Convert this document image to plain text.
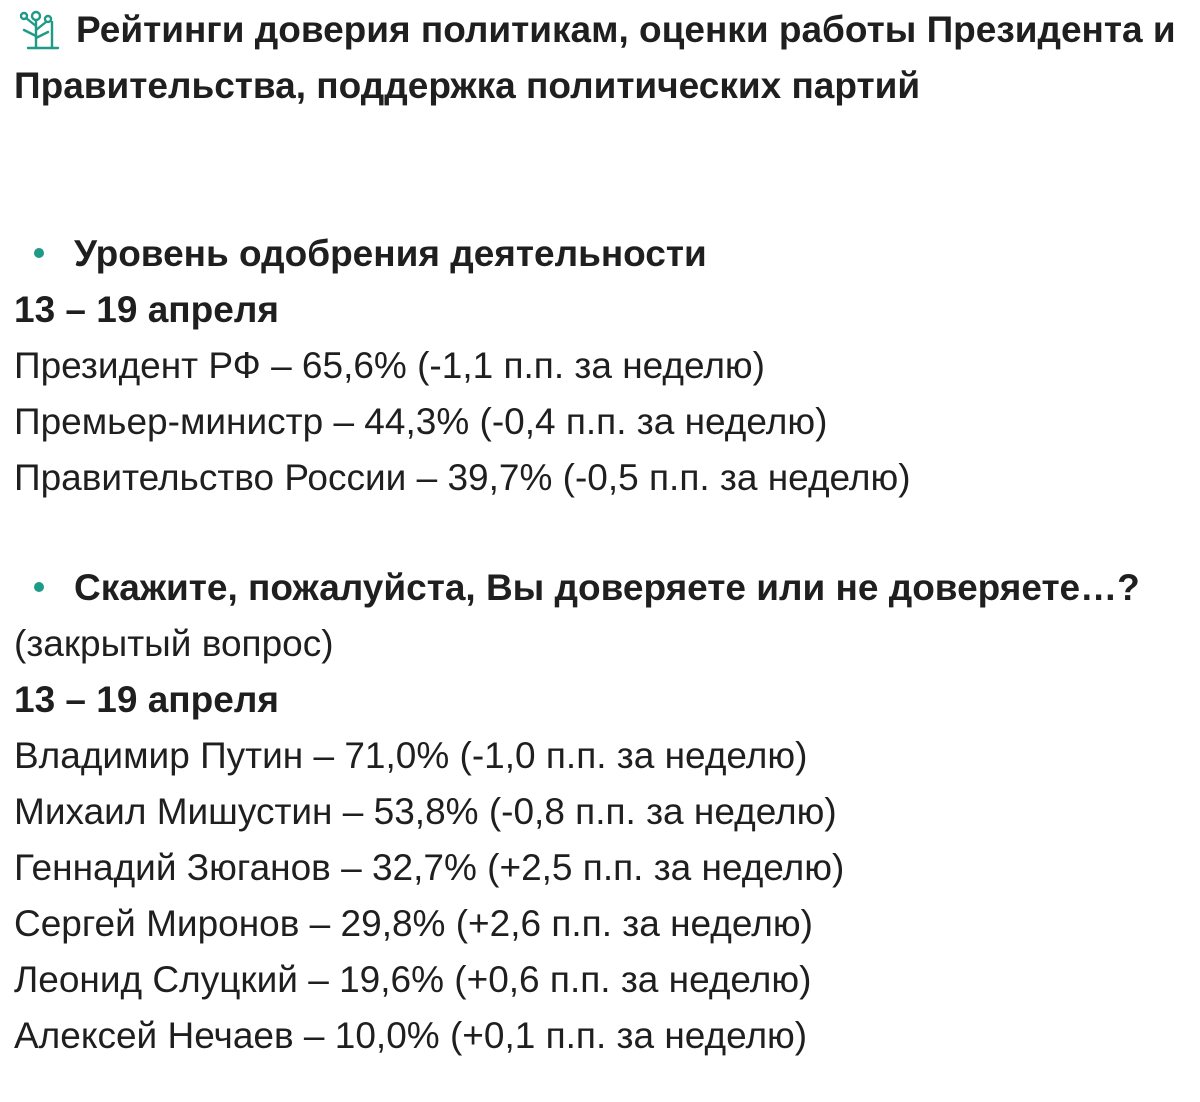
Рейтинги доверия политикам, оценки работы Президента и Правительства, поддержка политических партий
Уровень одобрения деятельности
13 – 19 апреля
Президент РФ – 65,6% (-1,1 п.п. за неделю)
Премьер-министр – 44,3% (-0,4 п.п. за неделю)
Правительство России – 39,7% (-0,5 п.п. за неделю)
Скажите, пожалуйста, Вы доверяете или не доверяете…? (закрытый вопрос)
13 – 19 апреля
Владимир Путин – 71,0% (-1,0 п.п. за неделю)
Михаил Мишустин – 53,8% (-0,8 п.п. за неделю)
Геннадий Зюганов – 32,7% (+2,5 п.п. за неделю)
Сергей Миронов – 29,8% (+2,6 п.п. за неделю)
Леонид Слуцкий – 19,6% (+0,6 п.п. за неделю)
Алексей Нечаев – 10,0% (+0,1 п.п. за неделю)
